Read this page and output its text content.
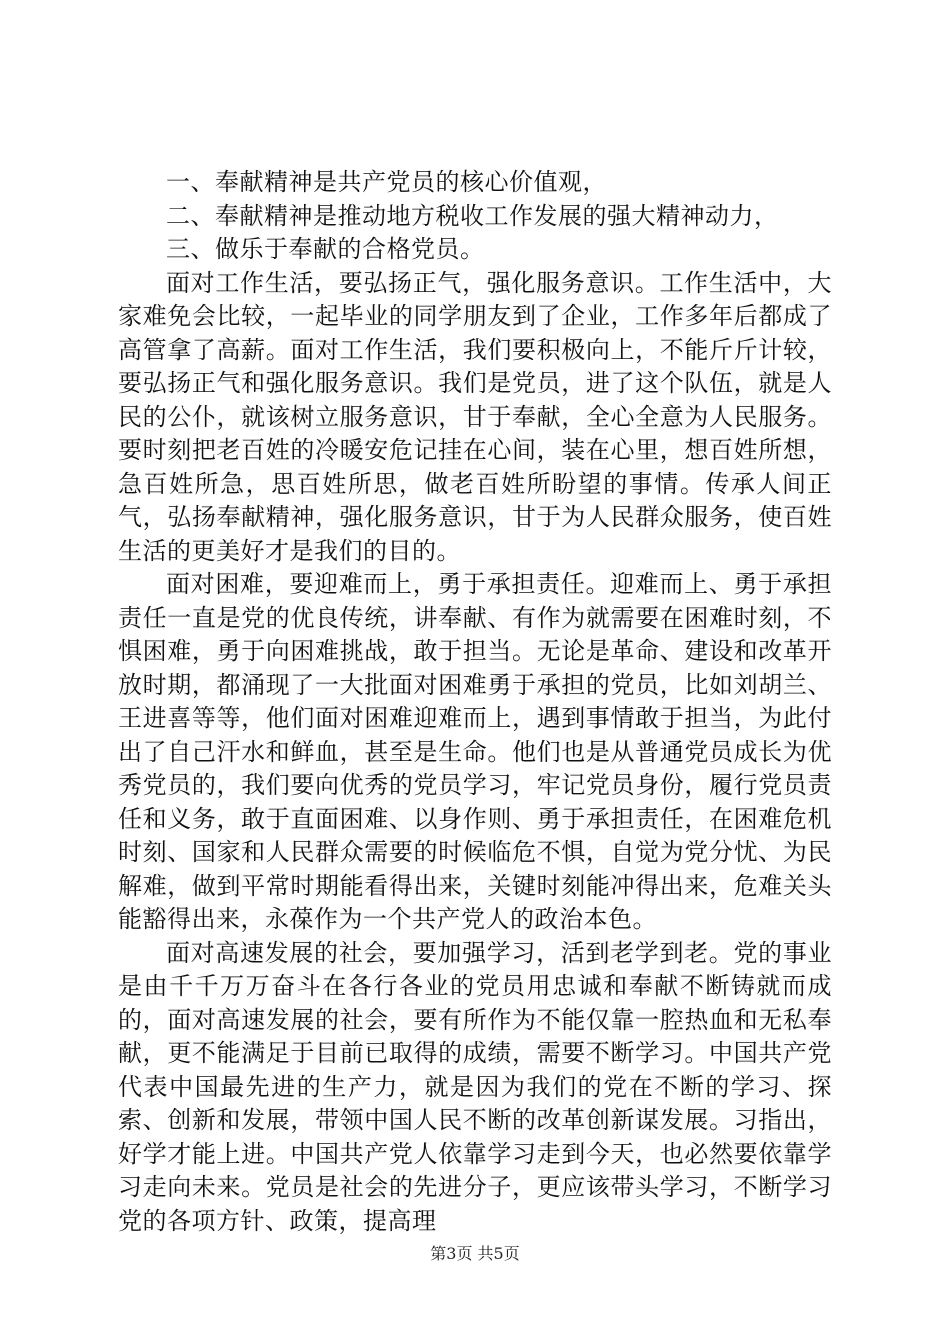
一、奉献精神是共产党员的核心价值观，

二、奉献精神是推动地方税收工作发展的强大精神动力，

三、做乐于奉献的合格党员。

面对工作生活，要弘扬正气，强化服务意识。工作生活中，大家难免会比较，一起毕业的同学朋友到了企业，工作多年后都成了高管拿了高薪。面对工作生活，我们要积极向上，不能斤斤计较，要弘扬正气和强化服务意识。我们是党员，进了这个队伍，就是人民的公仆，就该树立服务意识，甘于奉献，全心全意为人民服务。要时刻把老百姓的冷暖安危记挂在心间，装在心里，想百姓所想，急百姓所急，思百姓所思，做老百姓所盼望的事情。传承人间正气，弘扬奉献精神，强化服务意识，甘于为人民群众服务，使百姓生活的更美好才是我们的目的。

面对困难，要迎难而上，勇于承担责任。迎难而上、勇于承担责任一直是党的优良传统，讲奉献、有作为就需要在困难时刻，不惧困难，勇于向困难挑战，敢于担当。无论是革命、建设和改革开放时期，都涌现了一大批面对困难勇于承担的党员，比如刘胡兰、王进喜等等，他们面对困难迎难而上，遇到事情敢于担当，为此付出了自己汗水和鲜血，甚至是生命。他们也是从普通党员成长为优秀党员的，我们要向优秀的党员学习，牢记党员身份，履行党员责任和义务，敢于直面困难、以身作则、勇于承担责任，在困难危机时刻、国家和人民群众需要的时候临危不惧，自觉为党分忧、为民解难，做到平常时期能看得出来，关键时刻能冲得出来，危难关头能豁得出来，永葆作为一个共产党人的政治本色。

面对高速发展的社会，要加强学习，活到老学到老。党的事业是由千千万万奋斗在各行各业的党员用忠诚和奉献不断铸就而成的，面对高速发展的社会，要有所作为不能仅靠一腔热血和无私奉献，更不能满足于目前已取得的成绩，需要不断学习。中国共产党代表中国最先进的生产力，就是因为我们的党在不断的学习、探索、创新和发展，带领中国人民不断的改革创新谋发展。习指出，好学才能上进。中国共产党人依靠学习走到今天，也必然要依靠学习走向未来。党员是社会的先进分子，更应该带头学习，不断学习党的各项方针、政策，提高理

第3页 共5页
